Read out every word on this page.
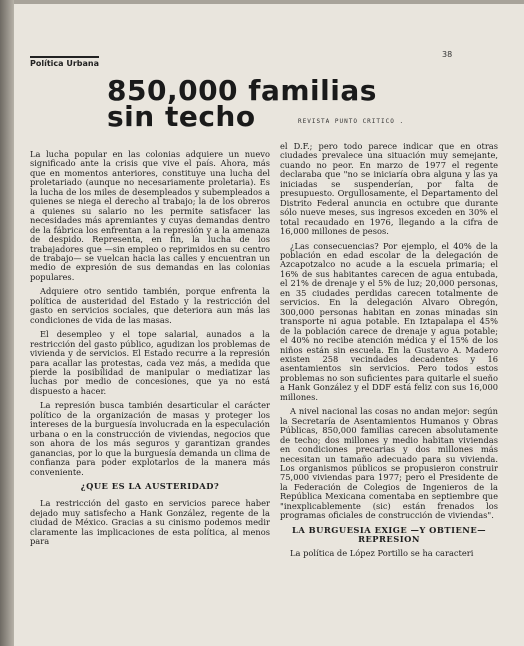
Política Urbana
38
850,000 familias
sin techo	REVISTA PUNTO CRITICO .

La lucha popular en las colonias adquiere un nuevo significado ante la crisis que vive el país. Ahora, más que en momentos anteriores, constituye una lucha del proletariado (aunque no necesariamente proletaria). Es la lucha de los miles de desempleados y subempleados a quienes se niega el derecho al trabajo; la de los obreros a quienes su salario no les permite satisfacer las necesidades más apremiantes y cuyas demandas dentro de la fábrica los enfrentan a la represión y a la amenaza de despido. Representa, en fin, la lucha de los trabajadores que —sin empleo o reprimidos en su centro de trabajo— se vuelcan hacia las calles y encuentran un medio de expresión de sus demandas en las colonias populares.

Adquiere otro sentido también, porque enfrenta la política de austeridad del Estado y la restricción del gasto en servicios sociales, que deteriora aun más las condiciones de vida de las masas.

El desempleo y el tope salarial, aunados a la restricción del gasto público, agudizan los problemas de vivienda y de servicios. El Estado recurre a la represión para acallar las protestas, cada vez más, a medida que pierde la posibilidad de manipular o mediatizar las luchas por medio de concesiones, que ya no está dispuesto a hacer.

La represión busca también desarticular el carácter político de la organización de masas y proteger los intereses de la burguesía involucrada en la especulación urbana o en la construcción de viviendas, negocios que son ahora de los más seguros y garantizan grandes ganancias, por lo que la burguesía demanda un clima de confianza para poder explotarlos de la manera más conveniente.

¿QUE ES LA AUSTERIDAD?

La restricción del gasto en servicios parece haber dejado muy satisfecho a Hank González, regente de la ciudad de México. Gracias a su cinismo podemos medir claramente las implicaciones de esta política, al menos para

el D.F.; pero todo parece indicar que en otras ciudades prevalece una situación muy semejante, cuando no peor. En marzo de 1977 el regente declaraba que "no se iniciaría obra alguna y las ya iniciadas se suspenderían, por falta de presupuesto. Orgullosamente, el Departamento del Distrito Federal anuncia en octubre que durante sólo nueve meses, sus ingresos exceden en 30% el total recaudado en 1976, llegando a la cifra de 16,000 millones de pesos.

¿Las consecuencias? Por ejemplo, el 40% de la población en edad escolar de la delegación de Azcapotzalco no acude a la escuela primaria; el 16% de sus habitantes carecen de agua entubada, el 21% de drenaje y el 5% de luz; 20,000 personas, en 35 ciudades perdidas carecen totalmente de servicios. En la delegación Alvaro Obregón, 300,000 personas habitan en zonas minadas sin transporte ni agua potable. En Iztapalapa el 45% de la población carece de drenaje y agua potable; el 40% no recibe atención médica y el 15% de los niños están sin escuela. En la Gustavo A. Madero existen 258 vecindades decadentes y 16 asentamientos sin servicios. Pero todos estos problemas no son suficientes para quitarle el sueño a Hank González y el DDF está feliz con sus 16,000 millones.

A nivel nacional las cosas no andan mejor: según la Secretaría de Asentamientos Humanos y Obras Públicas, 850,000 familias carecen absolutamente de techo; dos millones y medio habitan viviendas en condiciones precarias y dos millones más necesitan un tamaño adecuado para su vivienda. Los organismos públicos se propusieron construir 75,000 viviendas para 1977; pero el Presidente de la Federación de Colegios de Ingenieros de la República Mexicana comentaba en septiembre que "inexplicablemente (sic) están frenados los programas oficiales de construcción de viviendas".

LA BURGUESIA EXIGE —Y OBTIENE— REPRESION

La política de López Portillo se ha caracteri
